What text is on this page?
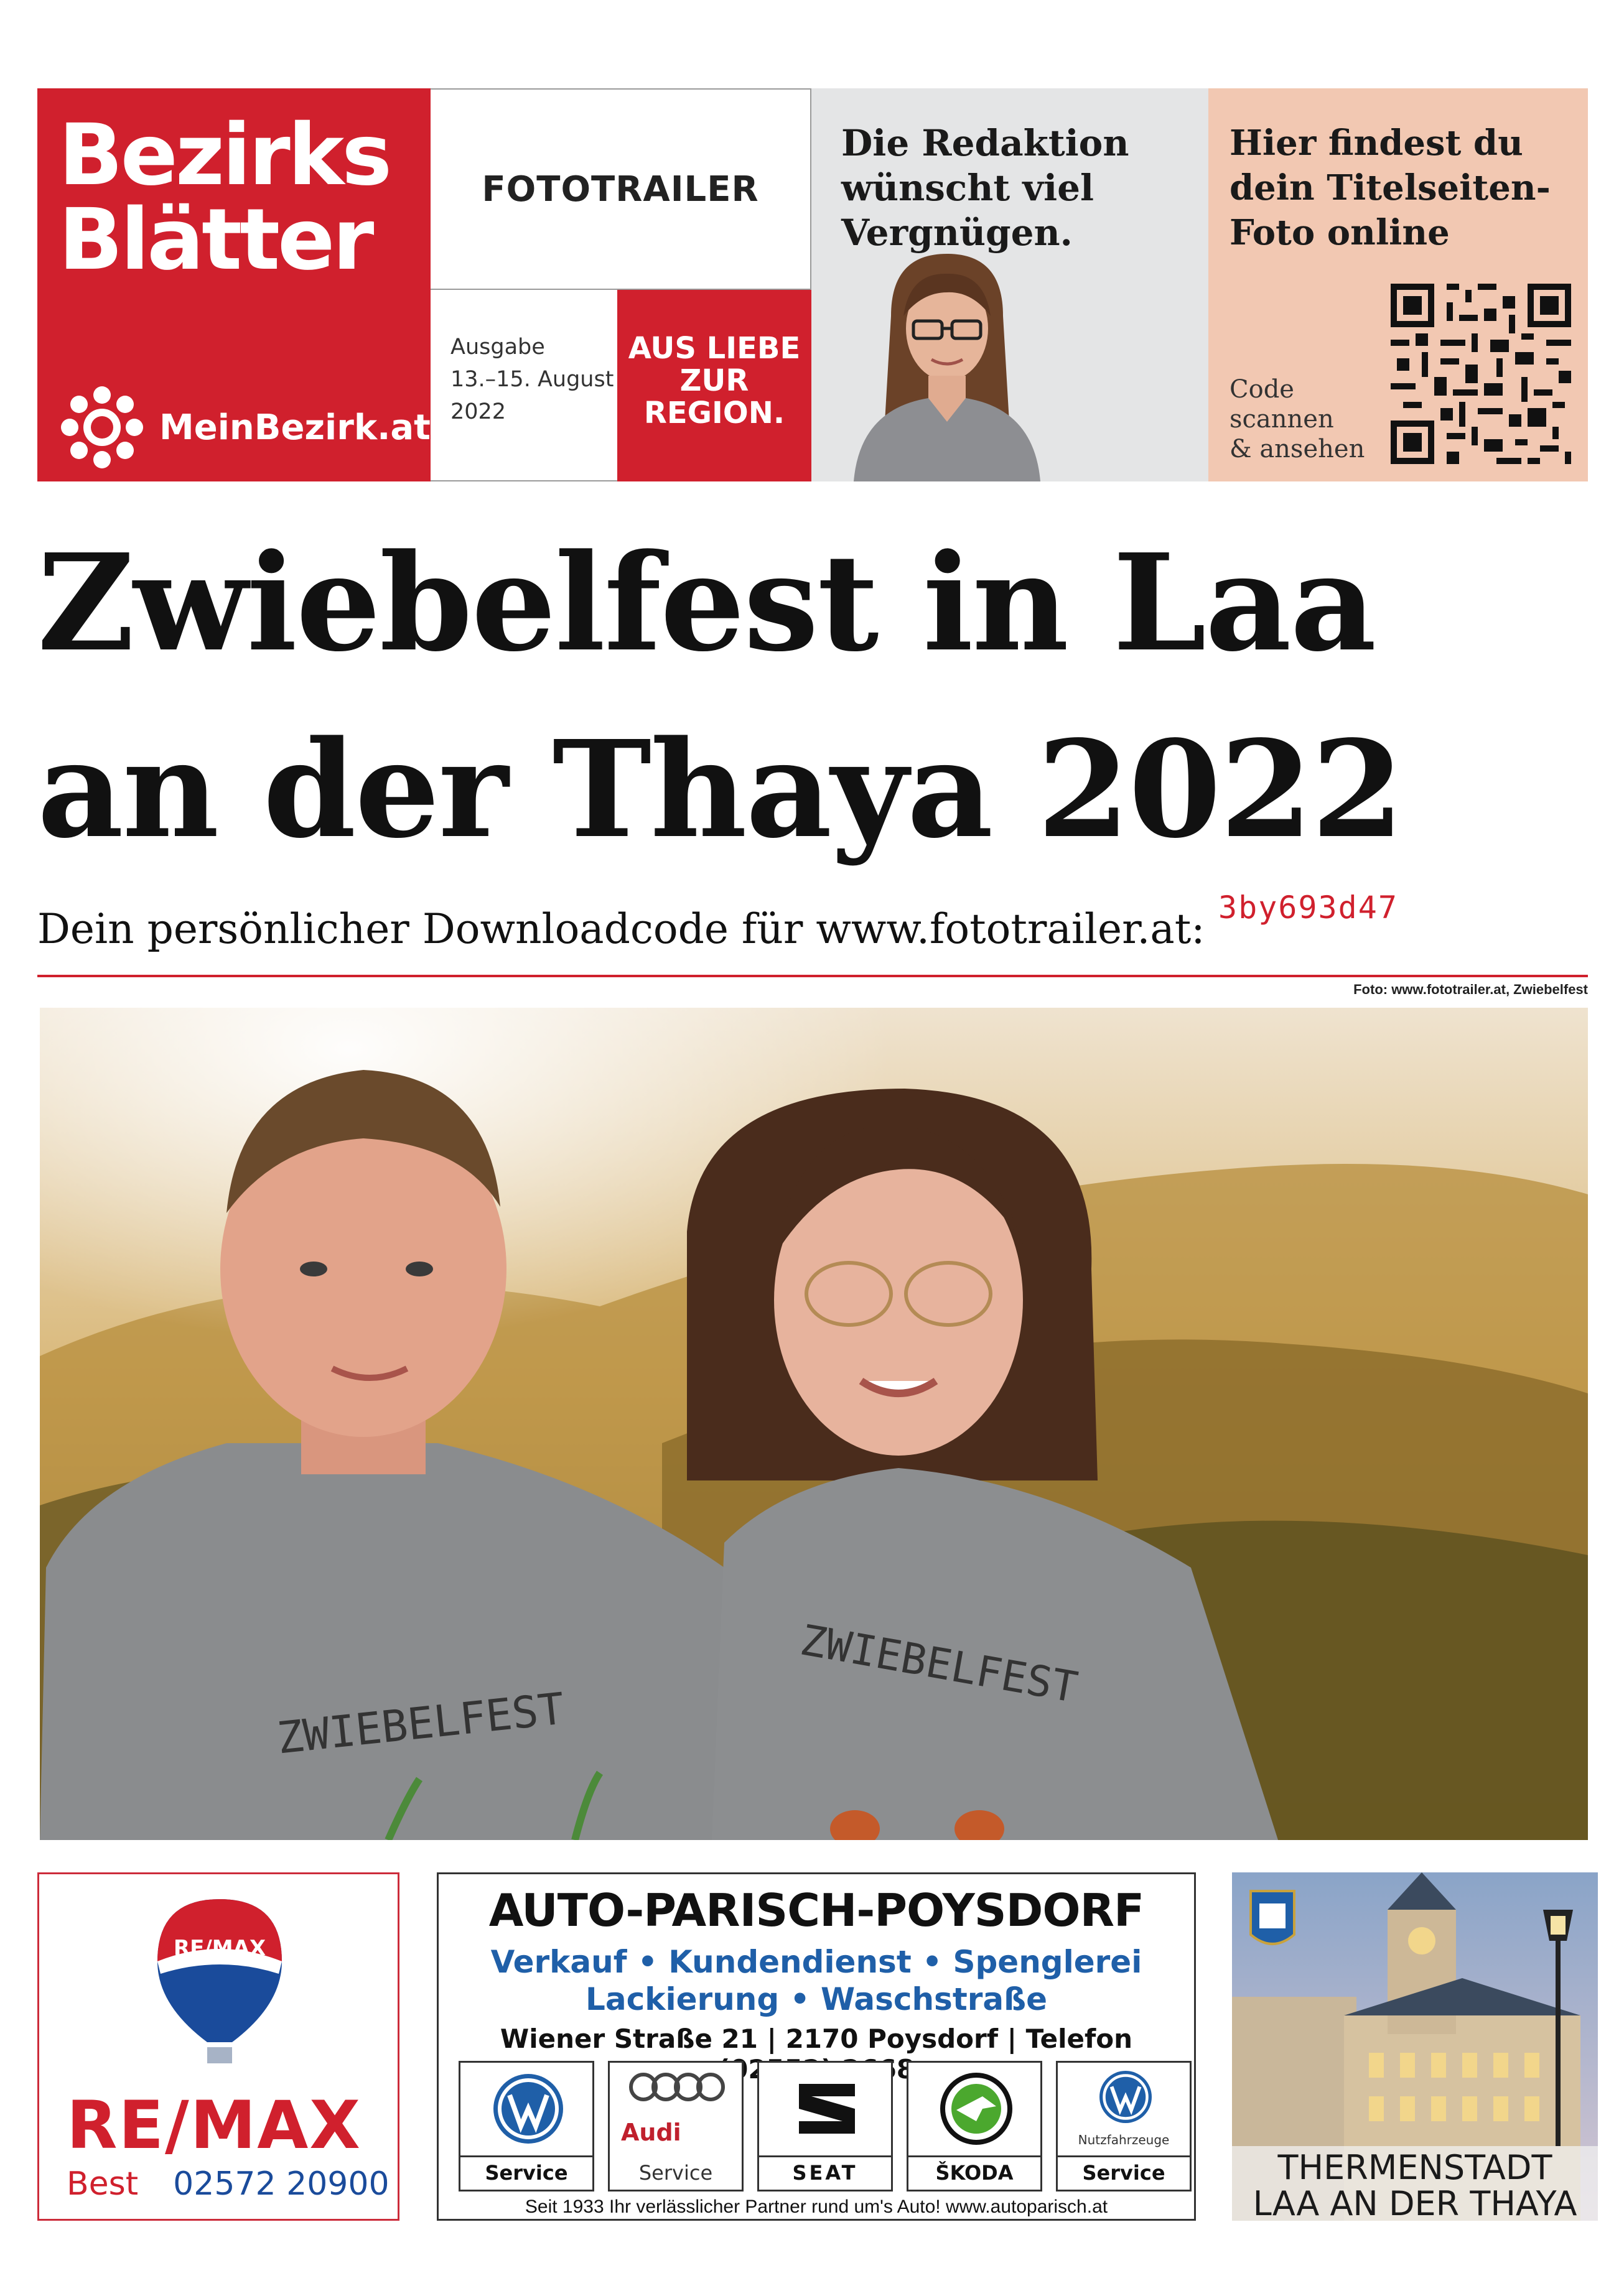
Bezirks
Blätter
MeinBezirk.at
FOTOTRAILER
Ausgabe
13.–15. August
2022
AUS LIEBE
ZUR
REGION.
Die Redaktion
wünscht viel
Vergnügen.
Hier findest du
dein Titelseiten-
Foto online
Code
scannen
& ansehen
Zwiebelfest in Laa
an der Thaya 2022
Dein persönlicher Downloadcode für www.fototrailer.at: 3by693d47
Foto: www.fototrailer.at, Zwiebelfest
ZWIEBELFEST
ZWIEBELFEST
RE/MAX
RE/MAX
Best 02572 20900
AUTO-PARISCH-POYSDORF
Verkauf • Kundendienst • Spenglerei
Lackierung • Waschstraße
Wiener Straße 21 | 2170 Poysdorf | Telefon
Service
Audi
Service	SEAT	ŠKODA
Nutzfahrzeuge
Service
Seit 1933 Ihr verlässlicher Partner rund um's Auto! www.autoparisch.at
THERMENSTADT
LAA AN DER THAYA
